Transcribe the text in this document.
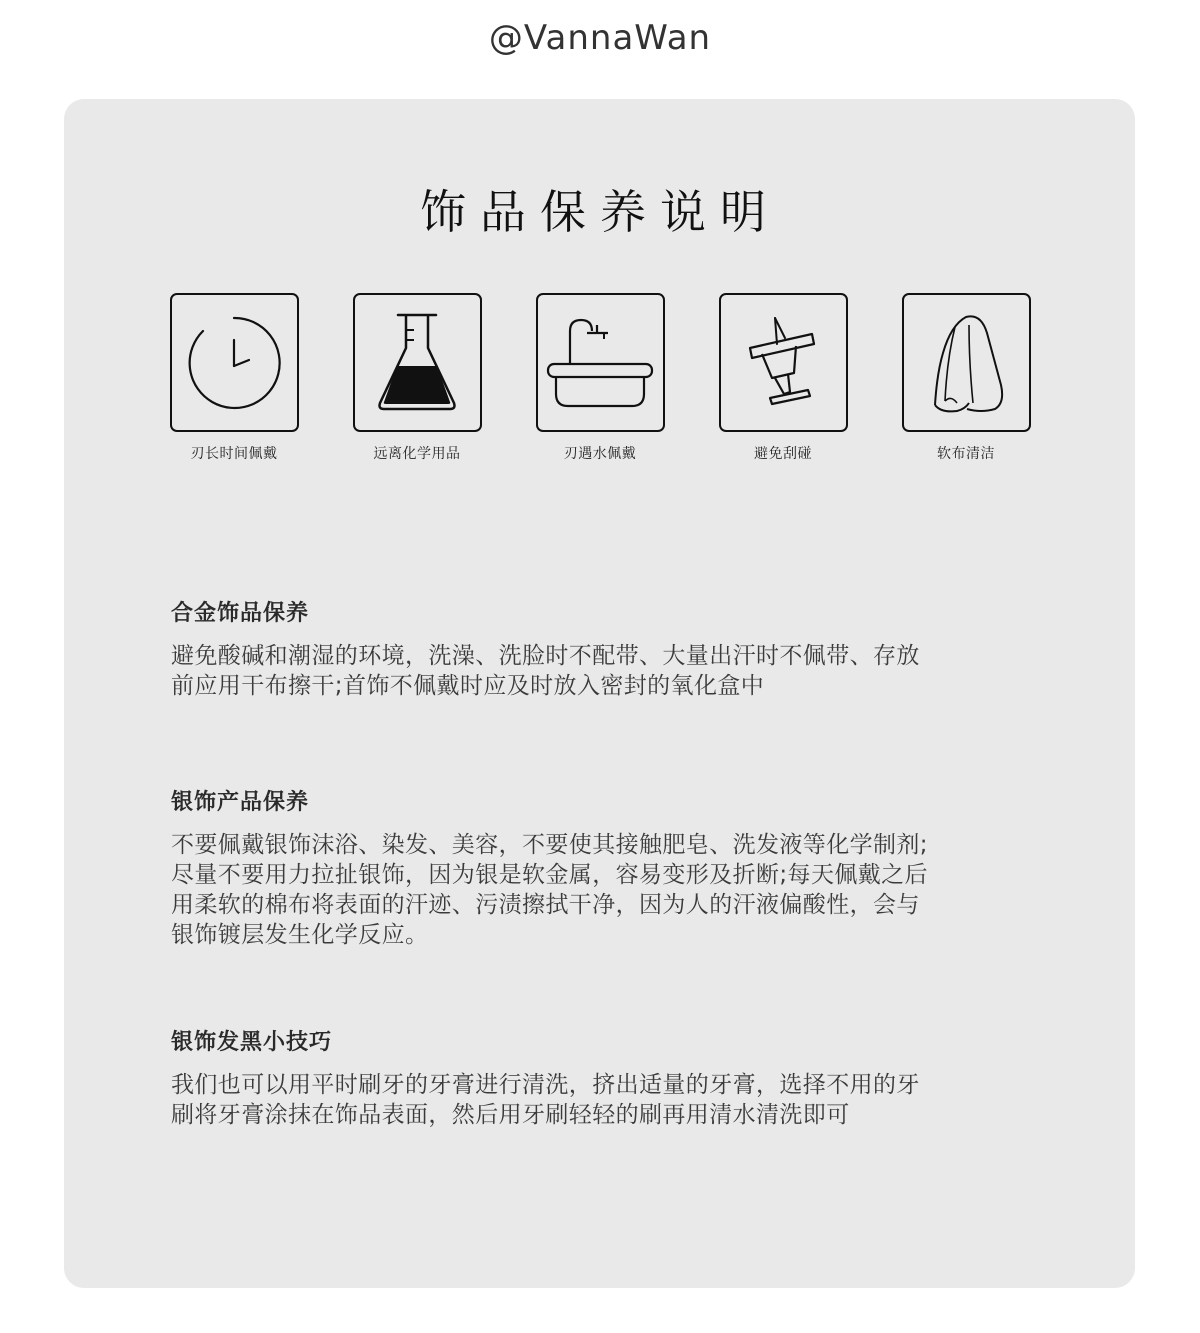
@VannaWan
饰品保养说明
刃长时间佩戴	远离化学用品	刃遇水佩戴	避免刮碰	软布清洁
合金饰品保养

避免酸碱和潮湿的环境，洗澡、洗脸时不配带、大量出汗时不佩带、存放前应用干布擦干;首饰不佩戴时应及时放入密封的氧化盒中

银饰产品保养

不要佩戴银饰沫浴、染发、美容，不要使其接触肥皂、洗发液等化学制剂;尽量不要用力拉扯银饰，因为银是软金属，容易变形及折断;每天佩戴之后用柔软的棉布将表面的汗迹、污渍擦拭干净，因为人的汗液偏酸性，会与银饰镀层发生化学反应。

银饰发黑小技巧

我们也可以用平时刷牙的牙膏进行清洗，挤出适量的牙膏，选择不用的牙刷将牙膏涂抹在饰品表面，然后用牙刷轻轻的刷再用清水清洗即可
